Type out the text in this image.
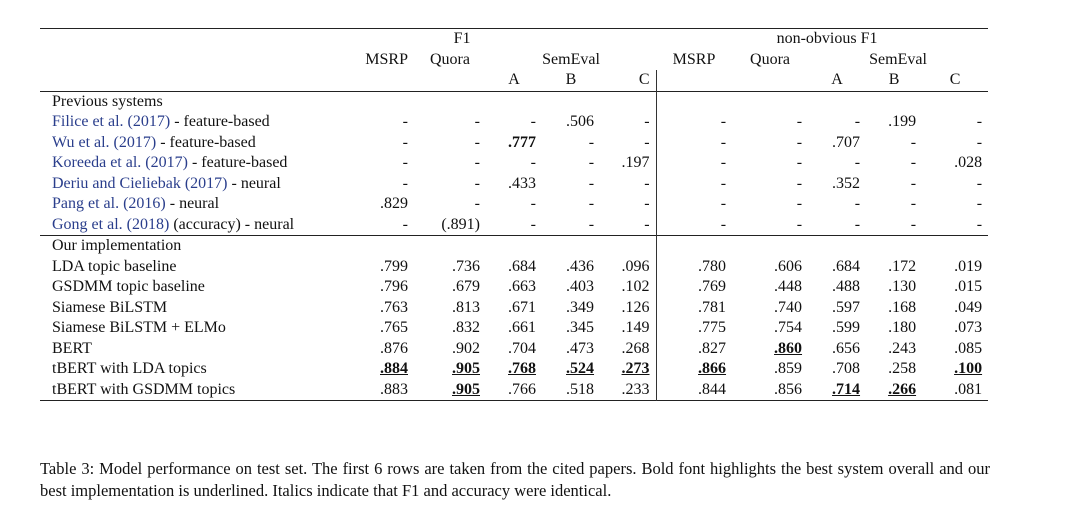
		F1					non-obvious F1			
	MSRP	Quora	SemEval			MSRP	Quora	SemEval		
			A	B	C			A	B	C
Previous systems										
Filice et al. (2017) - feature-based	-	-	-	.506	-	-	-	-	.199	-
Wu et al. (2017) - feature-based	-	-	.777	-	-	-	-	.707	-	-
Koreeda et al. (2017) - feature-based	-	-	-	-	.197	-	-	-	-	.028
Deriu and Cieliebak (2017) - neural	-	-	.433	-	-	-	-	.352	-	-
Pang et al. (2016) - neural	.829	-	-	-	-	-	-	-	-	-
Gong et al. (2018) (accuracy) - neural	-	(.891)	-	-	-	-	-	-	-	-
Our implementation										
LDA topic baseline	.799	.736	.684	.436	.096	.780	.606	.684	.172	.019
GSDMM topic baseline	.796	.679	.663	.403	.102	.769	.448	.488	.130	.015
Siamese BiLSTM	.763	.813	.671	.349	.126	.781	.740	.597	.168	.049
Siamese BiLSTM + ELMo	.765	.832	.661	.345	.149	.775	.754	.599	.180	.073
BERT	.876	.902	.704	.473	.268	.827	.860	.656	.243	.085
tBERT with LDA topics	.884	.905	.768	.524	.273	.866	.859	.708	.258	.100
tBERT with GSDMM topics	.883	.905	.766	.518	.233	.844	.856	.714	.266	.081
Table 3: Model performance on test set. The first 6 rows are taken from the cited papers. Bold font highlights the best system overall and our best implementation is underlined. Italics indicate that F1 and accuracy were identical.
